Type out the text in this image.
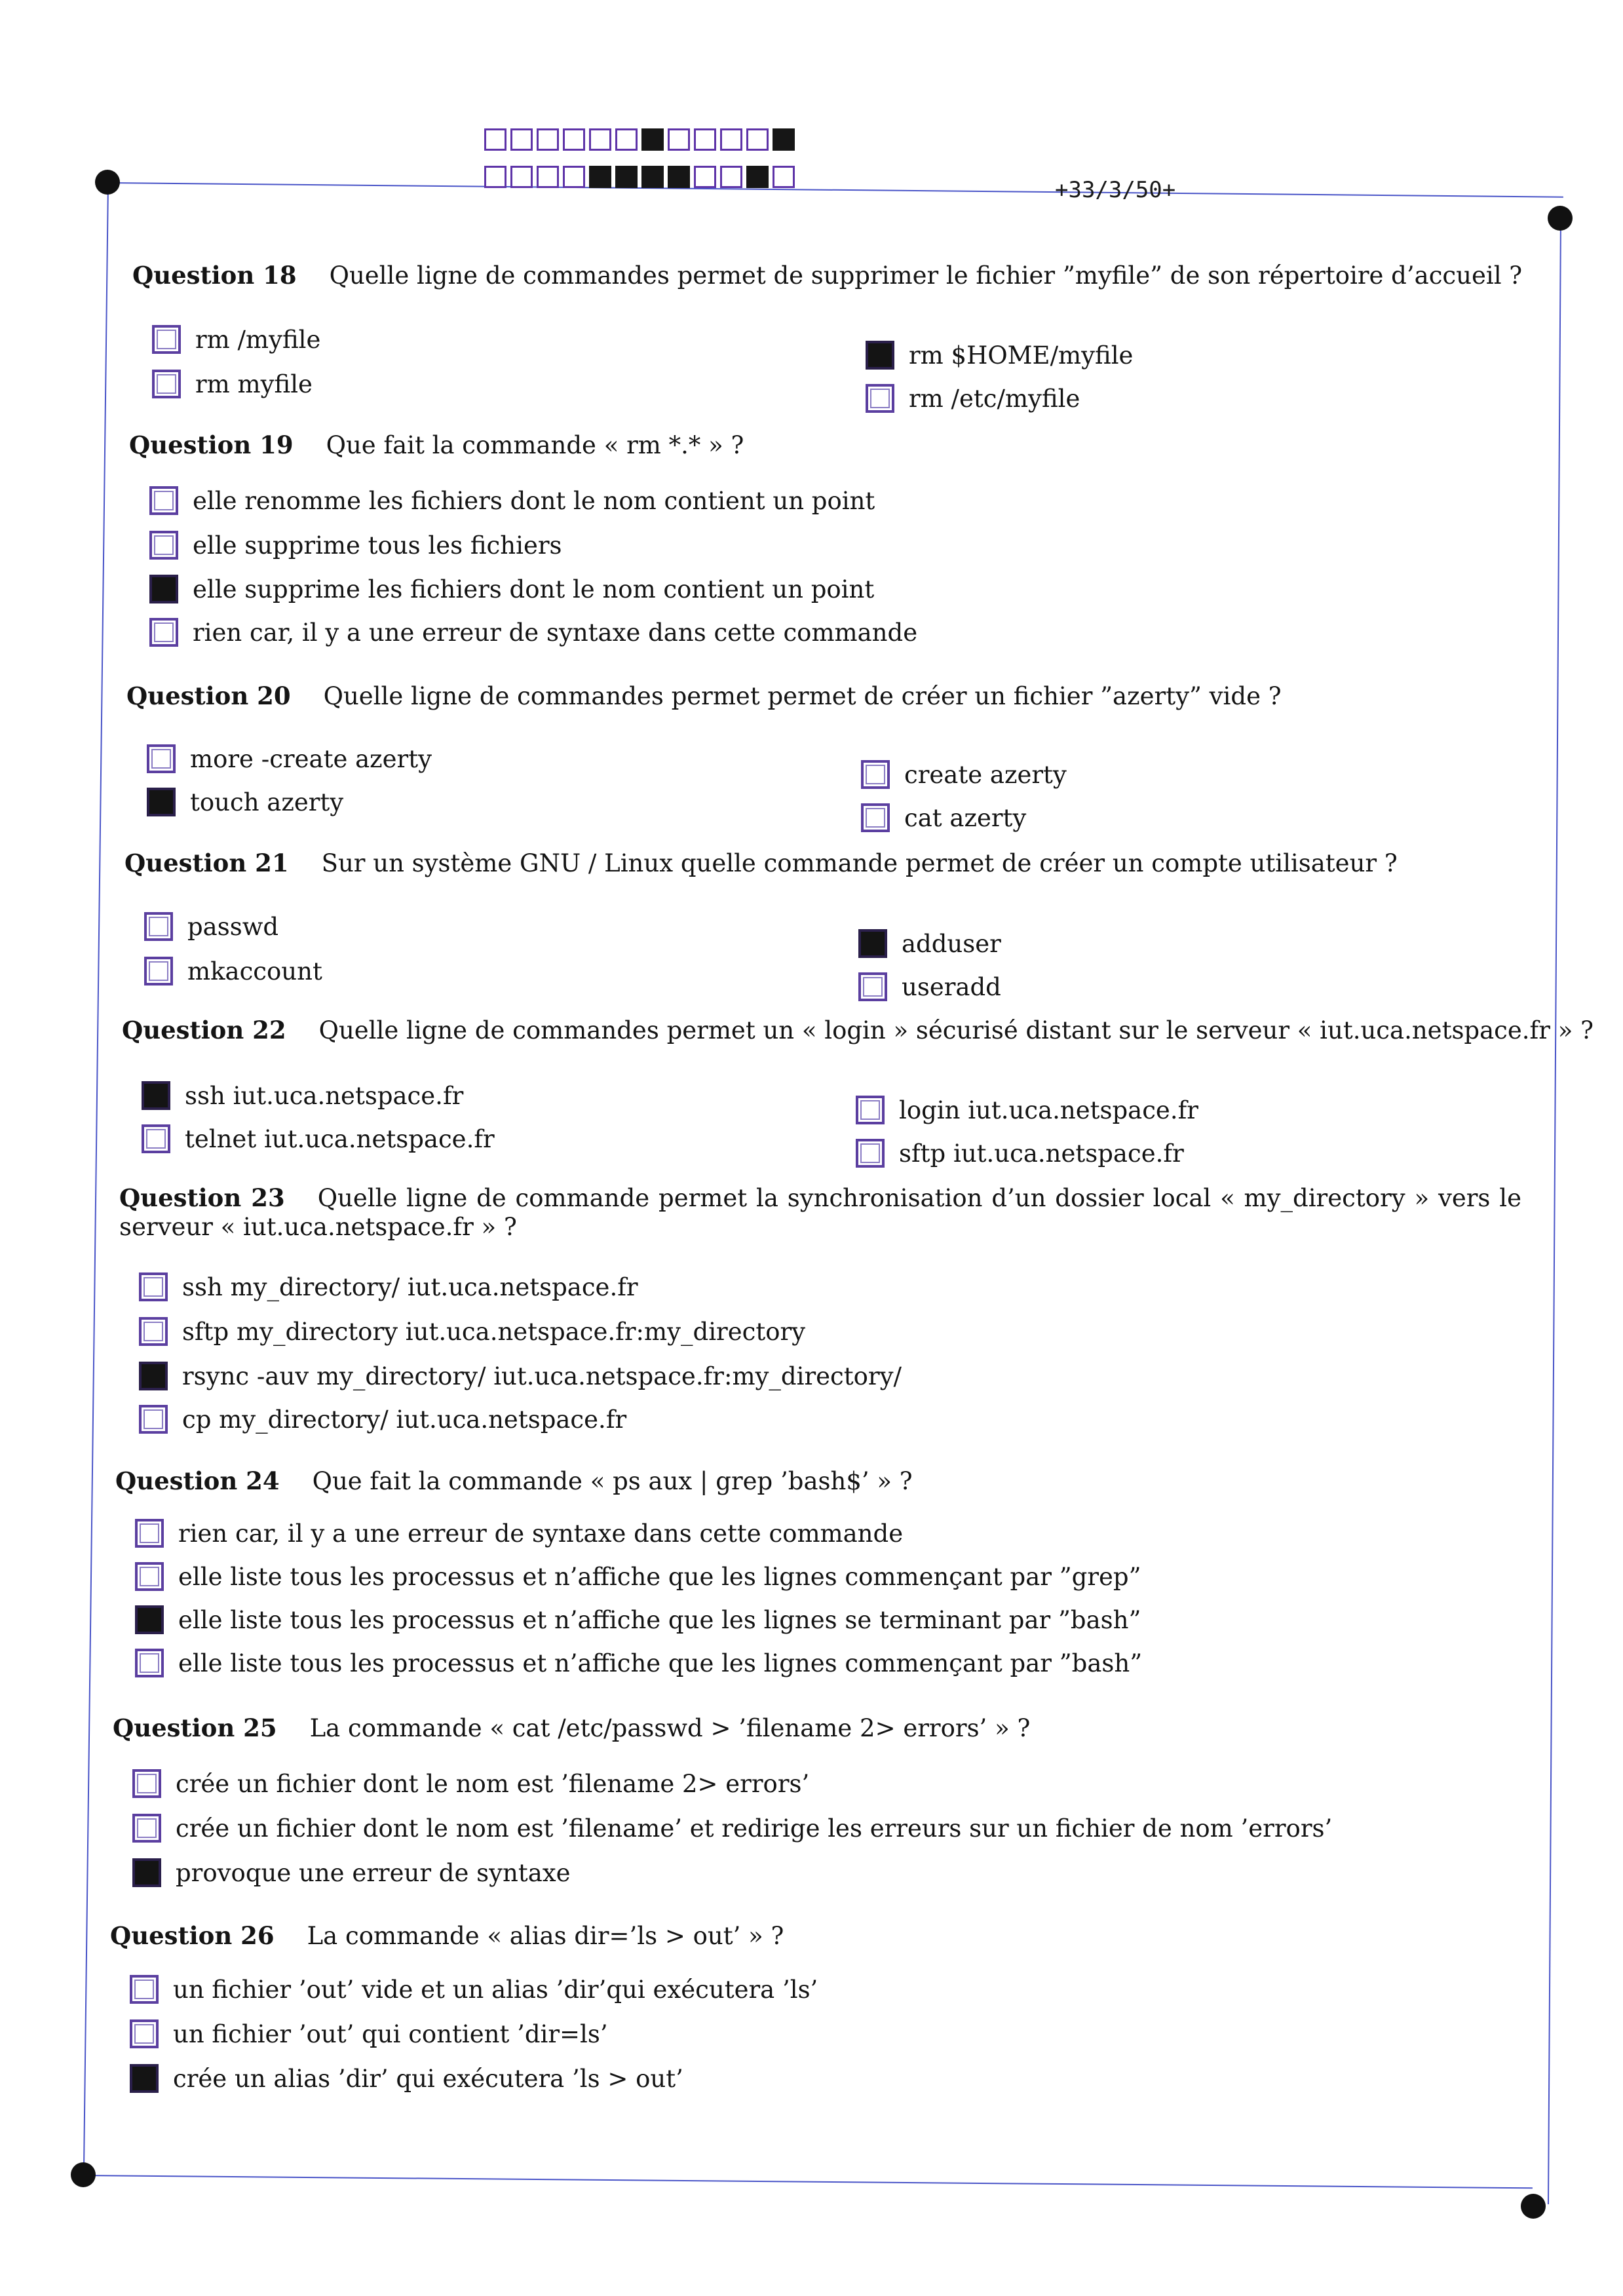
+33/3/50+
Question 18 Quelle ligne de commandes permet de supprimer le fichier ”myfile” de son répertoire d’accueil ?
rm /myfile
rm myfile
rm $HOME/myfile
rm /etc/myfile
Question 19 Que fait la commande « rm *.* » ?
elle renomme les fichiers dont le nom contient un point
elle supprime tous les fichiers
elle supprime les fichiers dont le nom contient un point
rien car, il y a une erreur de syntaxe dans cette commande
Question 20 Quelle ligne de commandes permet permet de créer un fichier ”azerty” vide ?
more -create azerty
touch azerty
create azerty
cat azerty
Question 21 Sur un système GNU / Linux quelle commande permet de créer un compte utilisateur ?
passwd
mkaccount
adduser
useradd
Question 22 Quelle ligne de commandes permet un « login » sécurisé distant sur le serveur « iut.uca.netspace.fr » ?
ssh iut.uca.netspace.fr
telnet iut.uca.netspace.fr
login iut.uca.netspace.fr
sftp iut.uca.netspace.fr
Question 23 Quelle ligne de commande permet la synchronisation d’un dossier local « my_directory » vers le serveur « iut.uca.netspace.fr » ?
ssh my_directory/ iut.uca.netspace.fr
sftp my_directory iut.uca.netspace.fr:my_directory
rsync -auv my_directory/ iut.uca.netspace.fr:my_directory/
cp my_directory/ iut.uca.netspace.fr
Question 24 Que fait la commande « ps aux | grep ’bash$’ » ?
rien car, il y a une erreur de syntaxe dans cette commande
elle liste tous les processus et n’affiche que les lignes commençant par ”grep”
elle liste tous les processus et n’affiche que les lignes se terminant par ”bash”
elle liste tous les processus et n’affiche que les lignes commençant par ”bash”
Question 25 La commande « cat /etc/passwd > ’filename 2> errors’ » ?
crée un fichier dont le nom est ’filename 2> errors’
crée un fichier dont le nom est ’filename’ et redirige les erreurs sur un fichier de nom ’errors’
provoque une erreur de syntaxe
Question 26 La commande « alias dir=’ls > out’ » ?
un fichier ’out’ vide et un alias ’dir’qui exécutera ’ls’
un fichier ’out’ qui contient ’dir=ls’
crée un alias ’dir’ qui exécutera ’ls > out’
